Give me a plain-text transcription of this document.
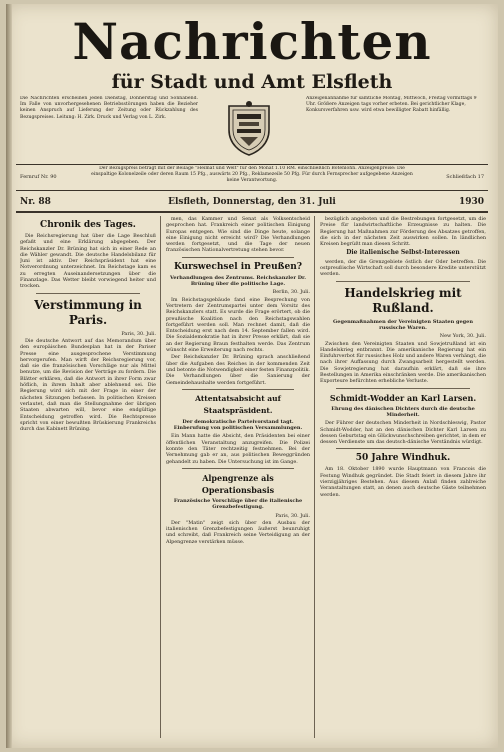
Nachrichten
für Stadt und Amt Elsfleth
Die Nachrichten erscheinen jeden Dienstag, Donnerstag und Sonnabend. Im Falle von unvorhergesehenen Betriebsstörungen haben die Bezieher keinen Anspruch auf Lieferung der Zeitung oder Rückzahlung des Bezugspreises. Leitung: H. Zirk. Druck und Verlag von L. Zirk.
Anzeigenannahme für sämtliche Montag, Mittwoch, Freitag vormittags 9 Uhr. Größere Anzeigen tags vorher erbeten. Bei gerichtlicher Klage, Konkursverfahren usw. wird etwa bewilligter Rabatt hinfällig.
Fernruf Nr. 90
Der Bezugspreis beträgt mit der Beilage "Heimat und Welt" für den Monat 1.10 RM. einschließlich Botenlohn. Anzeigenpreise: Die einspaltige Kolonelzeile oder deren Raum 15 Pfg., auswärts 20 Pfg., Reklamezeile 50 Pfg. Für durch Fernsprecher aufgegebene Anzeigen keine Verantwortung.
Schließfach 17
Nr. 88	Elsfleth, Donnerstag, den 31. Juli	1930
Chronik des Tages.

Die Reichsregierung hat über die Lage Beschluß gefaßt und eine Erklärung abgegeben. Der Reichskanzler Dr. Brüning hat sich in einer Rede an die Wähler gewandt. Die deutsche Handelsbilanz für Juni ist aktiv. Der Reichspräsident hat eine Notverordnung unterzeichnet. Im Reichstage kam es zu erregten Auseinandersetzungen über die Finanzlage. Das Wetter bleibt vorwiegend heiter und trocken.

Verstimmung in Paris.

Paris, 30. Juli.

Die deutsche Antwort auf das Memorandum über den europäischen Bundesplan hat in der Pariser Presse eine ausgesprochene Verstimmung hervorgerufen. Man wirft der Reichsregierung vor, daß sie die französischen Vorschläge nur als Mittel benutze, um die Revision der Verträge zu fordern. Die Blätter erklären, daß die Antwort in ihrer Form zwar höflich, in ihrem Inhalt aber ablehnend sei. Die Regierung wird sich mit der Frage in einer der nächsten Sitzungen befassen. In politischen Kreisen verlautet, daß man die Stellungnahme der übrigen Staaten abwarten will, bevor eine endgültige Entscheidung getroffen wird. Die Rechtspresse spricht von einer bewußten Brüskierung Frankreichs durch das Kabinett Brüning.

men, das Kammer und Senat als Volksentscheid gesprochen hat. Frankreich einer politischen Einigung Europas entgegen. Wie sind die Dinge heute, solange eine Einigung nicht erreicht wird? Die Verhandlungen werden fortgesetzt, und die Tage der neuen französischen Nationalvertretung stehen bevor.

Kurswechsel in Preußen?
Verhandlungen des Zentrums. Reichskanzler Dr. Brüning über die politische Lage.

Berlin, 30. Juli.

Im Reichstagsgebäude fand eine Besprechung von Vertretern der Zentrumspartei unter dem Vorsitz des Reichskanzlers statt. Es wurde die Frage erörtert, ob die preußische Koalition nach den Reichstagswahlen fortgeführt werden soll. Man rechnet damit, daß die Entscheidung erst nach dem 14. September fallen wird. Die Sozialdemokratie hat in ihrer Presse erklärt, daß sie an der Regierung Braun festhalten werde. Das Zentrum wünscht eine Erweiterung nach rechts.

Der Reichskanzler Dr. Brüning sprach anschließend über die Aufgaben des Reiches in der kommenden Zeit und betonte die Notwendigkeit einer festen Finanzpolitik. Die Verhandlungen über die Sanierung der Gemeindehaushalte werden fortgeführt.

Attentatsabsicht auf Staatspräsident.
Der demokratische Parteivorstand tagt. Einberufung von politischen Versammlungen.

Ein Mann hatte die Absicht, den Präsidenten bei einer öffentlichen Veranstaltung anzugreifen. Die Polizei konnte den Täter rechtzeitig festnehmen. Bei der Vernehmung gab er an, aus politischen Beweggründen gehandelt zu haben. Die Untersuchung ist im Gange.

Alpengrenze als Operationsbasis
Französische Vorschläge über die italienische Grenzbefestigung.

Paris, 30. Juli.

Der "Matin" zeigt sich über den Ausbau der italienischen Grenzbefestigungen äußerst beunruhigt und schreibt, daß Frankreich seine Verteidigung an der Alpengrenze verstärken müsse.

bezüglich angeboten und die Bestrebungen fortgesetzt, um die Preise für landwirtschaftliche Erzeugnisse zu halten. Die Regierung hat Maßnahmen zur Förderung des Absatzes getroffen, die sich in der nächsten Zeit auswirken sollen. In ländlichen Kreisen begrüßt man diesen Schritt.

Die italienische Selbst-Interessen

werden, der die Grenzgebiete östlich der Oder betreffen. Die ostpreußische Wirtschaft soll durch besondere Kredite unterstützt werden.

Handelskrieg mit Rußland.
Gegenmaßnahmen der Vereinigten Staaten gegen russische Waren.

New York, 30. Juli.

Zwischen den Vereinigten Staaten und Sowjetrußland ist ein Handelskrieg entbrannt. Die amerikanische Regierung hat ein Einfuhrverbot für russisches Holz und andere Waren verhängt, die nach ihrer Auffassung durch Zwangsarbeit hergestellt werden. Die Sowjetregierung hat daraufhin erklärt, daß sie ihre Bestellungen in Amerika einschränken werde. Die amerikanischen Exporteure befürchten erhebliche Verluste.

Schmidt-Wodder an Karl Larsen.
Ehrung des dänischen Dichters durch die deutsche Minderheit.

Der Führer der deutschen Minderheit in Nordschleswig, Pastor Schmidt-Wodder, hat an den dänischen Dichter Karl Larsen zu dessen Geburtstag ein Glückwunschschreiben gerichtet, in dem er dessen Verdienste um das deutsch-dänische Verständnis würdigt.

50 Jahre Windhuk.

Am 18. Oktober 1890 wurde Hauptmann von Francois die Festung Windhuk gegründet. Die Stadt feiert in diesem Jahre ihr vierzigjähriges Bestehen. Aus diesem Anlaß finden zahlreiche Veranstaltungen statt, an denen auch deutsche Gäste teilnehmen werden.
